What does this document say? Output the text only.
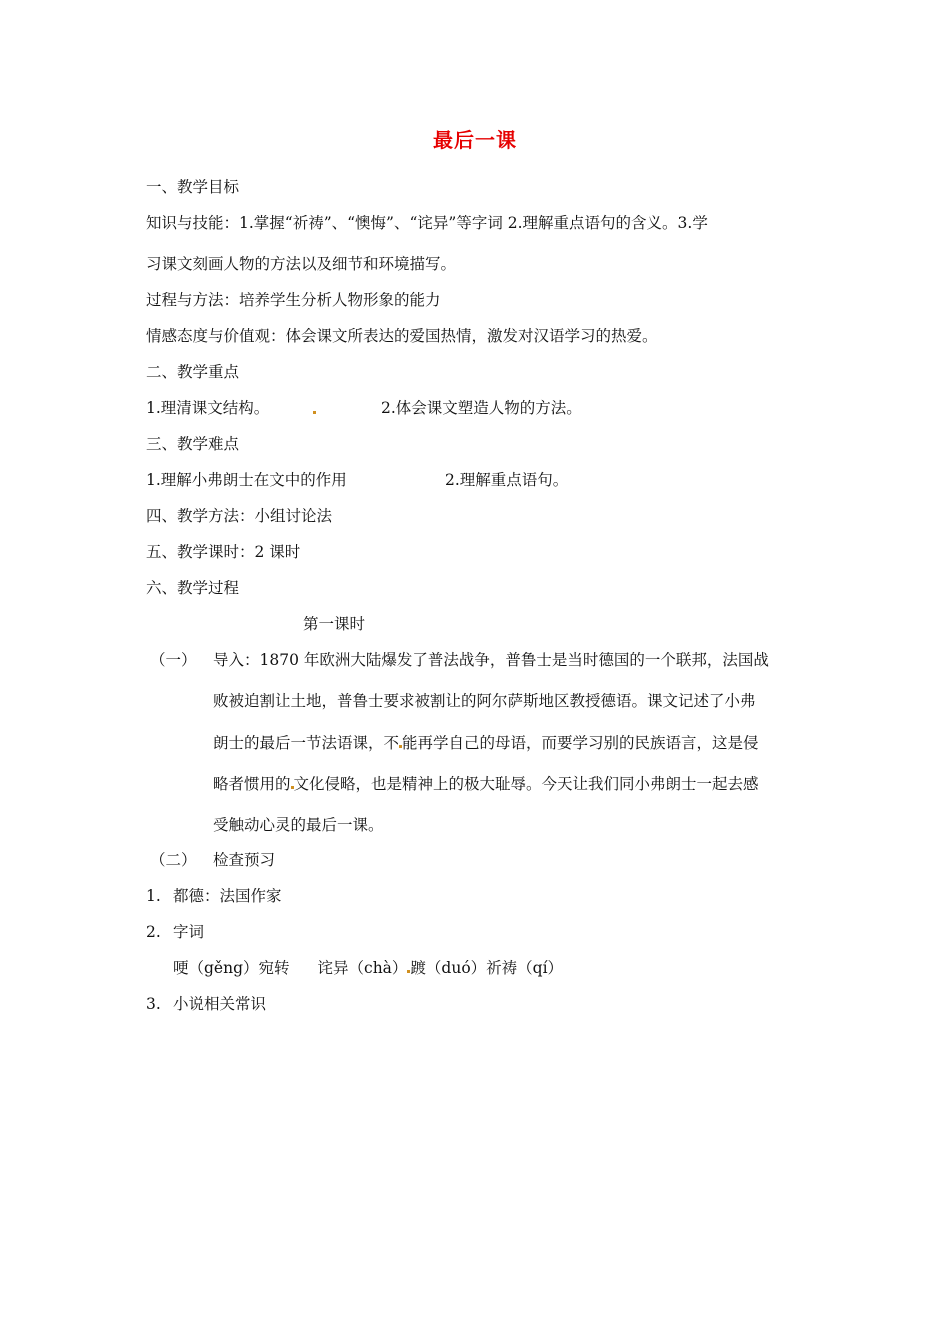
最后一课
一、教学目标
知识与技能：1.掌握“祈祷”、“懊悔”、“诧异”等字词 2.理解重点语句的含义。3.学
习课文刻画人物的方法以及细节和环境描写。
过程与方法：培养学生分析人物形象的能力
情感态度与价值观：体会课文所表达的爱国热情，激发对汉语学习的热爱。
二、教学重点
1.理清课文结构。	2.体会课文塑造人物的方法。
三、教学难点
1.理解小弗朗士在文中的作用	2.理解重点语句。
四、教学方法：小组讨论法
五、教学课时：2 课时
六、教学过程
第一课时
（一） 导入：1870 年欧洲大陆爆发了普法战争，普鲁士是当时德国的一个联邦，法国战
败被迫割让土地，普鲁士要求被割让的阿尔萨斯地区教授德语。课文记述了小弗
朗士的最后一节法语课，不 能再学自己的母语，而要学习别的民族语言，这是侵
略者惯用的 文化侵略，也是精神上的极大耻辱。今天让我们同小弗朗士一起去感
受触动心灵的最后一课。
（二） 检查预习
1. 都德：法国作家
2. 字词
哽（gěng）宛转 诧异（chà） 踱（duó）祈祷（qí）
3. 小说相关常识
